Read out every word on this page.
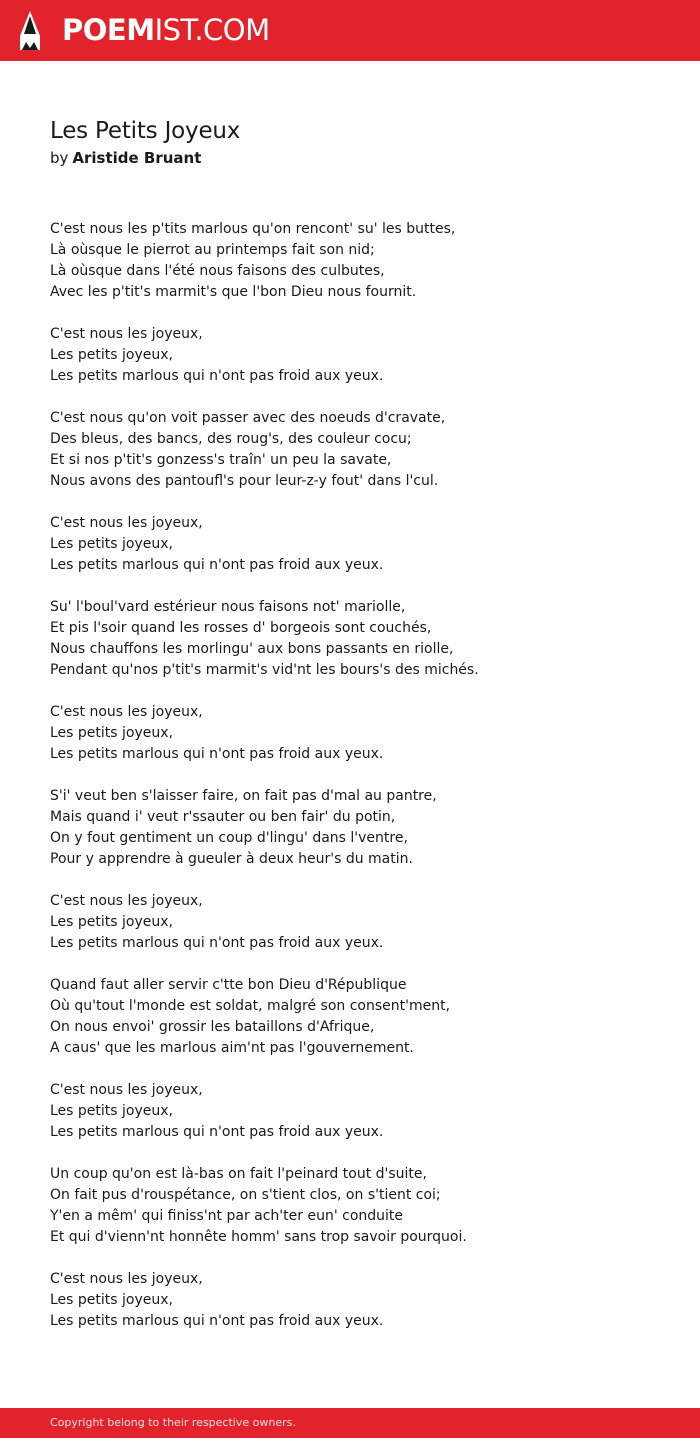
POEMIST.COM
Les Petits Joyeux
by Aristide Bruant
C'est nous les p'tits marlous qu'on rencont' su' les buttes,
Là oùsque le pierrot au printemps fait son nid;
Là oùsque dans l'été nous faisons des culbutes,
Avec les p'tit's marmit's que l'bon Dieu nous fournit.
C'est nous les joyeux,
Les petits joyeux,
Les petits marlous qui n'ont pas froid aux yeux.
C'est nous qu'on voit passer avec des noeuds d'cravate,
Des bleus, des bancs, des roug's, des couleur cocu;
Et si nos p'tit's gonzess's traîn' un peu la savate,
Nous avons des pantoufl's pour leur-z-y fout' dans l'cul.
C'est nous les joyeux,
Les petits joyeux,
Les petits marlous qui n'ont pas froid aux yeux.
Su' l'boul'vard estérieur nous faisons not' mariolle,
Et pis l'soir quand les rosses d' borgeois sont couchés,
Nous chauffons les morlingu' aux bons passants en riolle,
Pendant qu'nos p'tit's marmit's vid'nt les bours's des michés.
C'est nous les joyeux,
Les petits joyeux,
Les petits marlous qui n'ont pas froid aux yeux.
S'i' veut ben s'laisser faire, on fait pas d'mal au pantre,
Mais quand i' veut r'ssauter ou ben fair' du potin,
On y fout gentiment un coup d'lingu' dans l'ventre,
Pour y apprendre à gueuler à deux heur's du matin.
C'est nous les joyeux,
Les petits joyeux,
Les petits marlous qui n'ont pas froid aux yeux.
Quand faut aller servir c'tte bon Dieu d'République
Où qu'tout l'monde est soldat, malgré son consent'ment,
On nous envoi' grossir les bataillons d'Afrique,
A caus' que les marlous aim'nt pas l'gouvernement.
C'est nous les joyeux,
Les petits joyeux,
Les petits marlous qui n'ont pas froid aux yeux.
Un coup qu'on est là-bas on fait l'peinard tout d'suite,
On fait pus d'rouspétance, on s'tient clos, on s'tient coi;
Y'en a mêm' qui finiss'nt par ach'ter eun' conduite
Et qui d'vienn'nt honnête homm' sans trop savoir pourquoi.
C'est nous les joyeux,
Les petits joyeux,
Les petits marlous qui n'ont pas froid aux yeux.
Copyright belong to their respective owners.
